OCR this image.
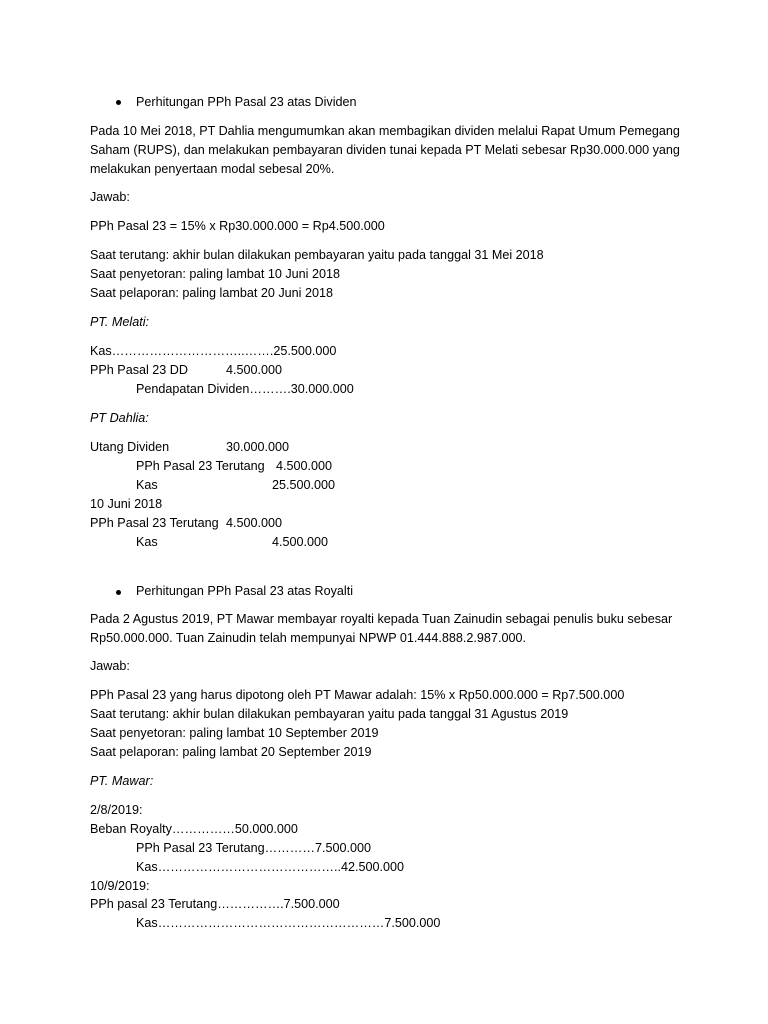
Perhitungan PPh Pasal 23 atas Dividen
Pada 10 Mei 2018, PT Dahlia mengumumkan akan membagikan dividen melalui Rapat Umum Pemegang
Saham (RUPS), dan melakukan pembayaran dividen tunai kepada PT Melati sebesar Rp30.000.000 yang
melakukan penyertaan modal sebesal 20%.
Jawab:
PPh Pasal 23 = 15% x Rp30.000.000 = Rp4.500.000
Saat terutang: akhir bulan dilakukan pembayaran yaitu pada tanggal 31 Mei 2018
Saat penyetoran: paling lambat 10 Juni 2018
Saat pelaporan: paling lambat 20 Juni 2018
PT. Melati:
Kas…………………………..…….25.500.000
PPh Pasal 23 DD	4.500.000
Pendapatan Dividen……….30.000.000
PT Dahlia:
Utang Dividen	30.000.000
PPh Pasal 23 Terutang 4.500.000
Kas	25.500.000
10 Juni 2018
PPh Pasal 23 Terutang 4.500.000
Kas	4.500.000
Perhitungan PPh Pasal 23 atas Royalti
Pada 2 Agustus 2019, PT Mawar membayar royalti kepada Tuan Zainudin sebagai penulis buku sebesar
Rp50.000.000. Tuan Zainudin telah mempunyai NPWP 01.444.888.2.987.000.
Jawab:
PPh Pasal 23 yang harus dipotong oleh PT Mawar adalah: 15% x Rp50.000.000 = Rp7.500.000
Saat terutang: akhir bulan dilakukan pembayaran yaitu pada tanggal 31 Agustus 2019
Saat penyetoran: paling lambat 10 September 2019
Saat pelaporan: paling lambat 20 September 2019
PT. Mawar:
2/8/2019:
Beban Royalty……………50.000.000
PPh Pasal 23 Terutang…………7.500.000
Kas……………………………………..42.500.000
10/9/2019:
PPh pasal 23 Terutang…………….7.500.000
Kas………………………………………………7.500.000
